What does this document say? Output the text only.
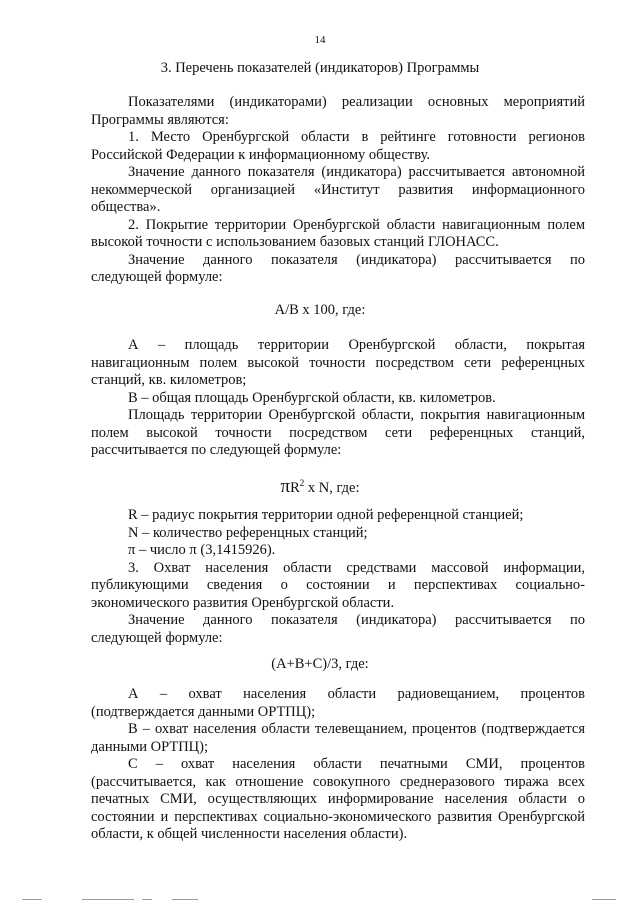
14
3. Перечень показателей (индикаторов) Программы

Показателями (индикаторами) реализации основных мероприятий Программы являются:

1. Место Оренбургской области в рейтинге готовности регионов Российской Федерации к информационному обществу.

Значение данного показателя (индикатора) рассчитывается автономной некоммерческой организацией «Институт развития информационного общества».

2. Покрытие территории Оренбургской области навигационным полем высокой точности с использованием базовых станций ГЛОНАСС.

Значение данного показателя (индикатора) рассчитывается по следующей формуле:

A/B x 100, где:

А – площадь территории Оренбургской области, покрытая навигационным полем высокой точности посредством сети референцных станций, кв. километров;

В – общая площадь Оренбургской области, кв. километров.

Площадь территории Оренбургской области, покрытия навигационным полем высокой точности посредством сети референцных станций, рассчитывается по следующей формуле:

$\pi R^2$ x N, где:

R – радиус покрытия территории одной референцной станцией;

N – количество референцных станций;

π – число π (3,1415926).

3. Охват населения области средствами массовой информации, публикующими сведения о состоянии и перспективах социально-экономического развития Оренбургской области.

Значение данного показателя (индикатора) рассчитывается по следующей формуле:

(A+B+C)/3, где:

А – охват населения области радиовещанием, процентов (подтверждается данными ОРТПЦ);

В – охват населения области телевещанием, процентов (подтверждается данными ОРТПЦ);

С – охват населения области печатными СМИ, процентов (рассчитывается, как отношение совокупного среднеразового тиража всех печатных СМИ, осуществляющих информирование населения области о состоянии и перспективах социально-экономического развития Оренбургской области, к общей численности населения области).
